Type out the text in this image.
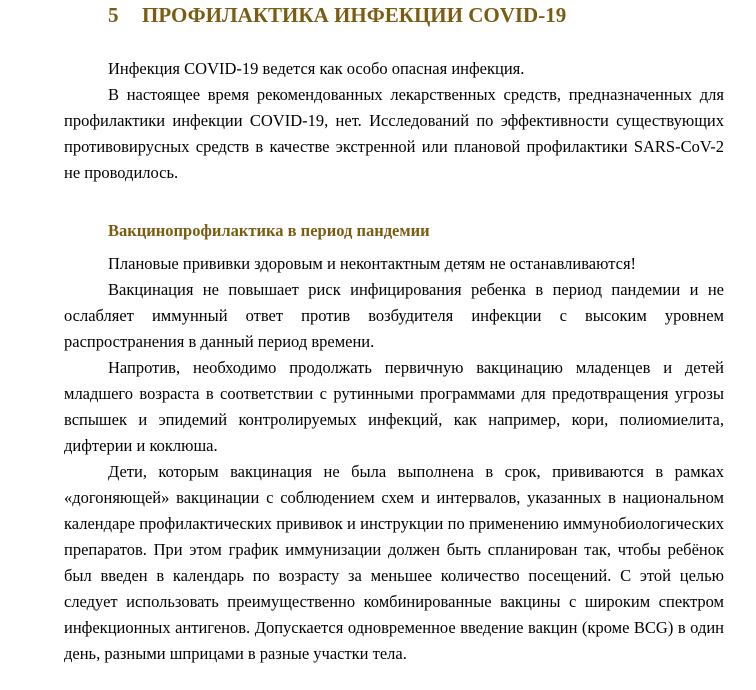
5 ПРОФИЛАКТИКА ИНФЕКЦИИ COVID-19

Инфекция COVID-19 ведется как особо опасная инфекция.

В настоящее время рекомендованных лекарственных средств, предназначенных для профилактики инфекции COVID-19, нет. Исследований по эффективности существующих противовирусных средств в качестве экстренной или плановой профилактики SARS-CoV-2 не проводилось.

Вакцинопрофилактика в период пандемии

Плановые прививки здоровым и неконтактным детям не останавливаются!

Вакцинация не повышает риск инфицирования ребенка в период пандемии и не ослабляет иммунный ответ против возбудителя инфекции с высоким уровнем распространения в данный период времени.

Напротив, необходимо продолжать первичную вакцинацию младенцев и детей младшего возраста в соответствии с рутинными программами для предотвращения угрозы вспышек и эпидемий контролируемых инфекций, как например, кори, полиомиелита, дифтерии и коклюша.

Дети, которым вакцинация не была выполнена в срок, прививаются в рамках «догоняющей» вакцинации с соблюдением схем и интервалов, указанных в национальном календаре профилактических прививок и инструкции по применению иммунобиологических препаратов. При этом график иммунизации должен быть спланирован так, чтобы ребёнок был введен в календарь по возрасту за меньшее количество посещений. С этой целью следует использовать преимущественно комбинированные вакцины с широким спектром инфекционных антигенов. Допускается одновременное введение вакцин (кроме BCG) в один день, разными шприцами в разные участки тела.
